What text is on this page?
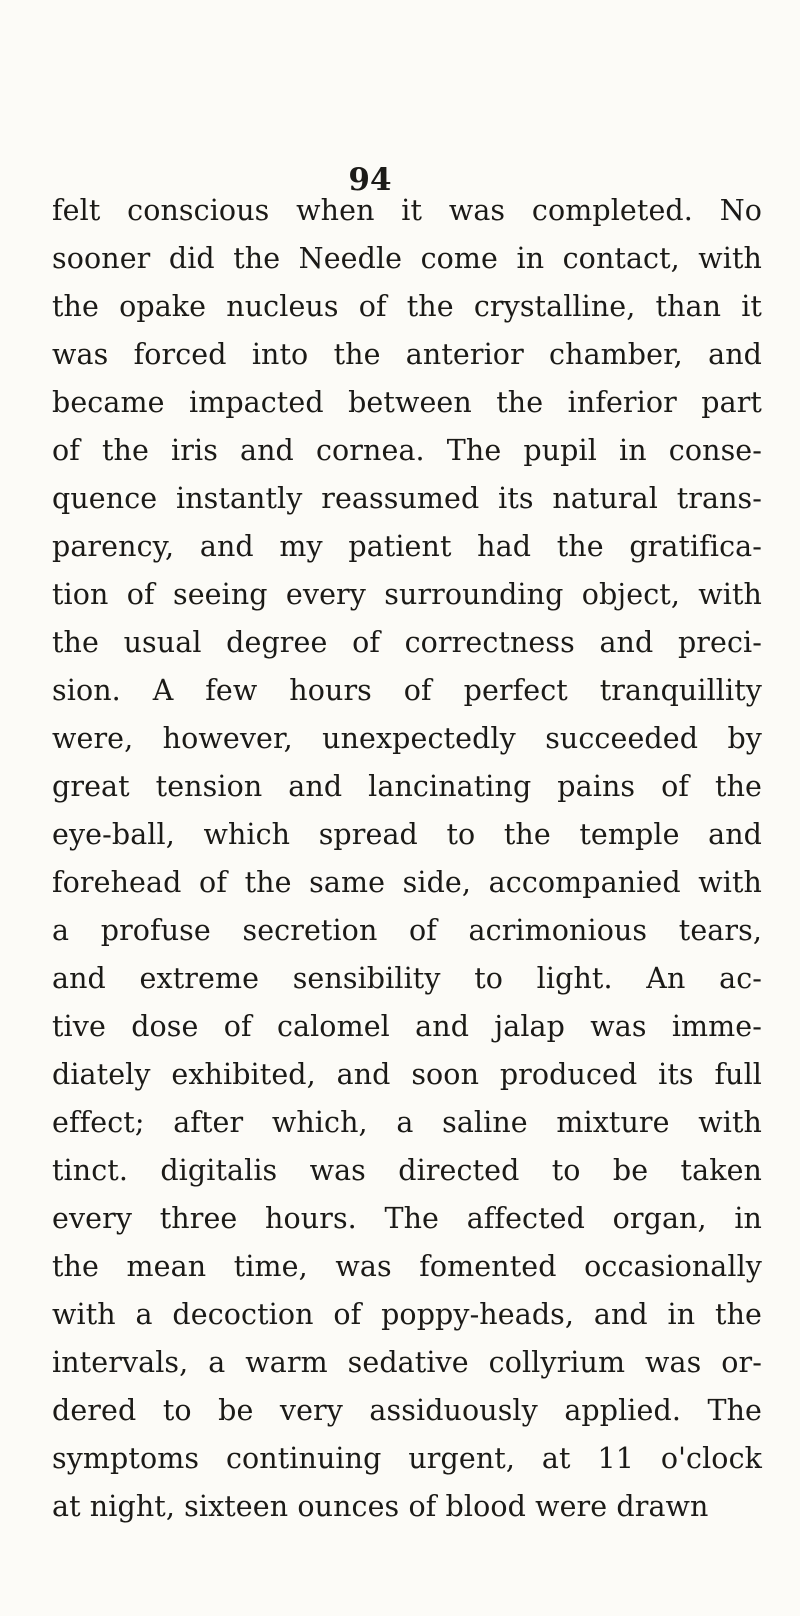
94
felt conscious when it was completed. No
sooner did the Needle come in contact, with
the opake nucleus of the crystalline, than it
was forced into the anterior chamber, and
became impacted between the inferior part
of the iris and cornea. The pupil in conse-
quence instantly reassumed its natural trans-
parency, and my patient had the gratifica-
tion of seeing every surrounding object, with
the usual degree of correctness and preci-
sion. A few hours of perfect tranquillity
were, however, unexpectedly succeeded by
great tension and lancinating pains of the
eye-ball, which spread to the temple and
forehead of the same side, accompanied with
a profuse secretion of acrimonious tears,
and extreme sensibility to light. An ac-
tive dose of calomel and jalap was imme-
diately exhibited, and soon produced its full
effect; after which, a saline mixture with
tinct. digitalis was directed to be taken
every three hours. The affected organ, in
the mean time, was fomented occasionally
with a decoction of poppy-heads, and in the
intervals, a warm sedative collyrium was or-
dered to be very assiduously applied. The
symptoms continuing urgent, at 11 o'clock
at night, sixteen ounces of blood were drawn
